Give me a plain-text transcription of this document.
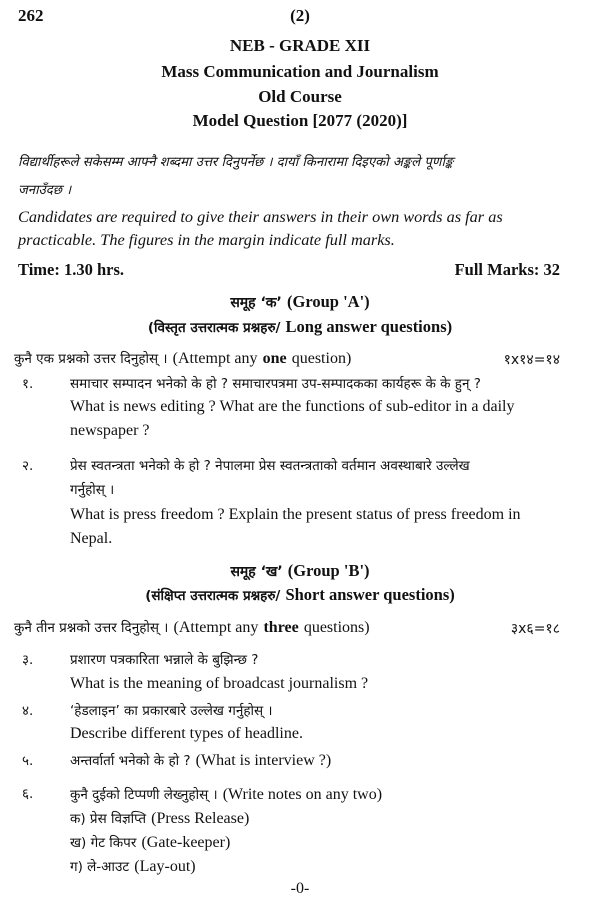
262	(2)
NEB - GRADE XII
Mass Communication and Journalism
Old Course
Model Question [2077 (2020)]
विद्यार्थीहरूले सकेसम्म आफ्नै शब्दमा उत्तर दिनुपर्नेछ । दायाँ किनारामा दिइएको अङ्कले पूर्णाङ्क
जनाउँदछ ।
Candidates are required to give their answers in their own words as far as
practicable. The figures in the margin indicate full marks.
Time: 1.30 hrs.	Full Marks: 32
समूह ‘क’ (Group 'A')
(विस्तृत उत्तरात्मक प्रश्नहरु/ Long answer questions)
कुनै एक प्रश्नको उत्तर दिनुहोस् । (Attempt any one question)	१x१४=१४
१.	समाचार सम्पादन भनेको के हो ? समाचारपत्रमा उप-सम्पादकका कार्यहरू के के हुन् ?
What is news editing ? What are the functions of sub-editor in a daily
newspaper ?
२.	प्रेस स्वतन्त्रता भनेको के हो ? नेपालमा प्रेस स्वतन्त्रताको वर्तमान अवस्थाबारे उल्लेख
गर्नुहोस् ।
What is press freedom ? Explain the present status of press freedom in
Nepal.
समूह ‘ख’ (Group 'B')
(संक्षिप्त उत्तरात्मक प्रश्नहरु/ Short answer questions)
कुनै तीन प्रश्नको उत्तर दिनुहोस् । (Attempt any three questions)	३x६=१८
३.	प्रशारण पत्रकारिता भन्नाले के बुझिन्छ ?
What is the meaning of broadcast journalism ?
४.	‘हेडलाइन’ का प्रकारबारे उल्लेख गर्नुहोस् ।
Describe different types of headline.
५.	अन्तर्वार्ता भनेको के हो ? (What is interview ?)
६.	कुनै दुईको टिप्पणी लेख्नुहोस् । (Write notes on any two)
क) प्रेस विज्ञप्ति (Press Release)
ख) गेट किपर (Gate-keeper)
ग) ले-आउट (Lay-out)
-0-
